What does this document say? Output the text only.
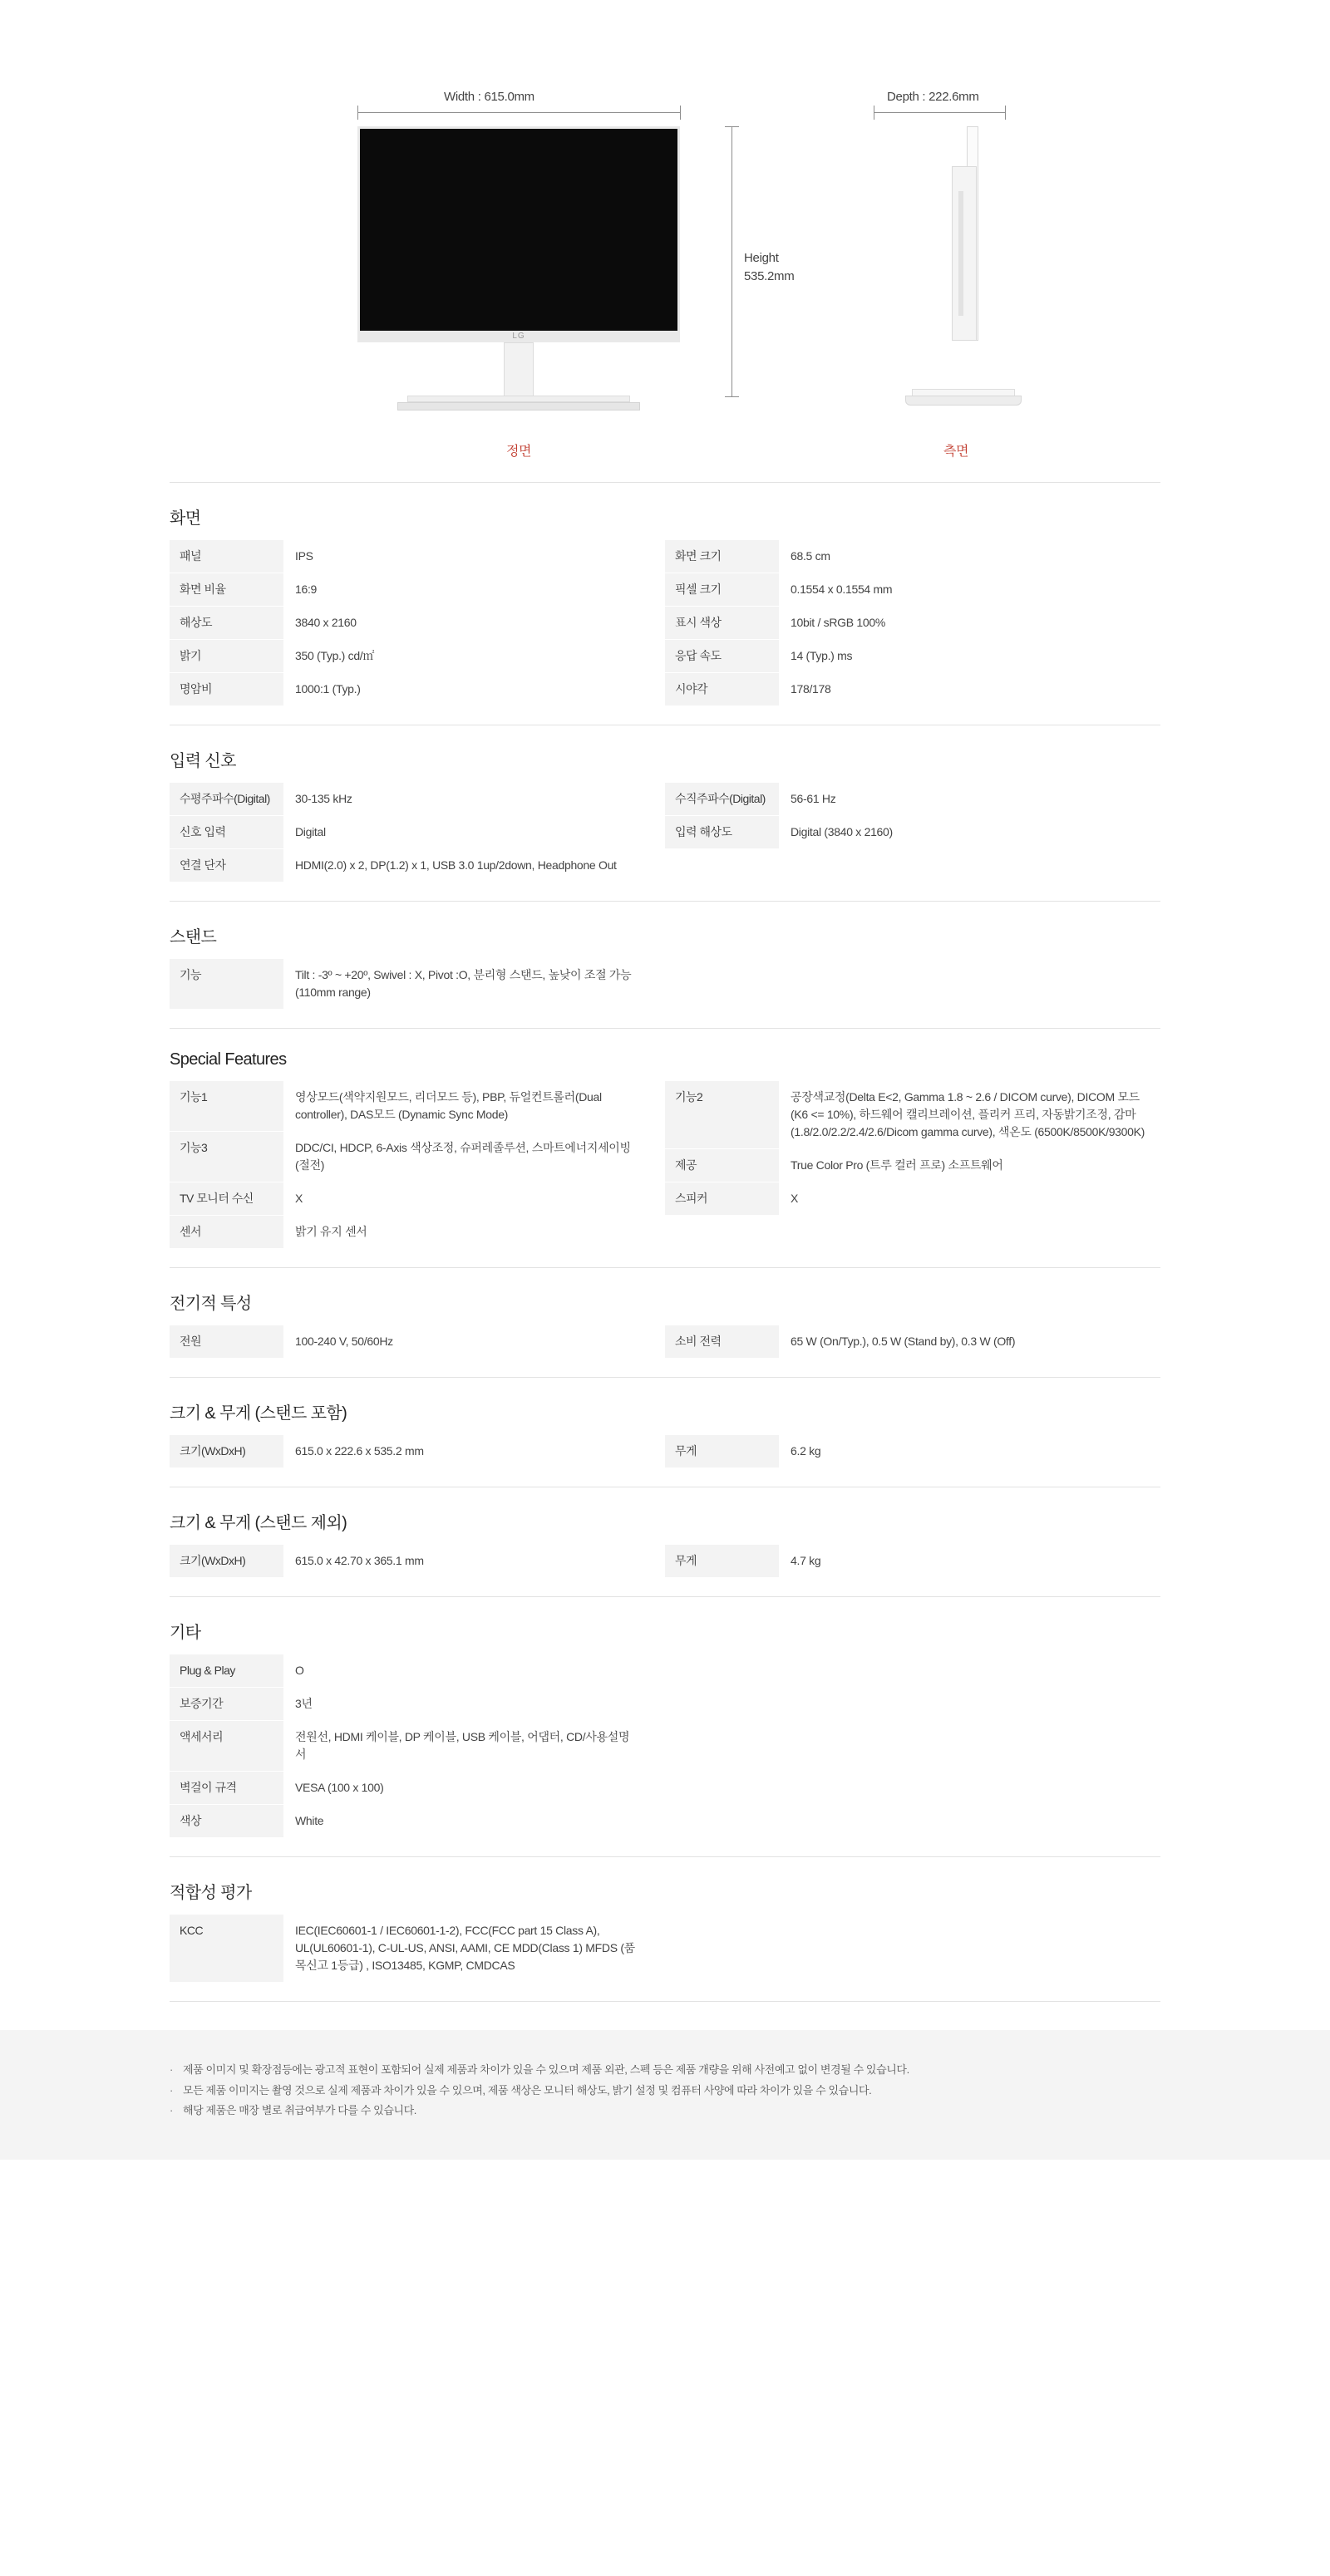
Width : 615.0mm
LG
정면
Height
535.2mm
Depth : 222.6mm
측면
화면
패널	IPS
화면 비율	16:9
해상도	3840 x 2160
밝기	350 (Typ.) cd/㎡
명암비	1000:1 (Typ.)
화면 크기	68.5 cm
픽셀 크기	0.1554 x 0.1554 mm
표시 색상	10bit / sRGB 100%
응답 속도	14 (Typ.) ms
시야각	178/178
입력 신호
수평주파수(Digital)	30-135 kHz
신호 입력	Digital
연결 단자	HDMI(2.0) x 2, DP(1.2) x 1, USB 3.0 1up/2down, Headphone Out
수직주파수(Digital)	56-61 Hz
입력 해상도	Digital (3840 x 2160)
스탠드
기능	Tilt : -3º ~ +20º, Swivel : X, Pivot :O, 분리형 스탠드, 높낮이 조절 가능(110mm range)
Special Features
기능1	영상모드(색약지원모드, 리더모드 등), PBP, 듀얼컨트롤러(Dual controller), DAS모드 (Dynamic Sync Mode)
기능3	DDC/CI, HDCP, 6-Axis 색상조정, 슈퍼레졸루션, 스마트에너지세이빙(절전)
TV 모니터 수신	X
센서	밝기 유지 센서
기능2	공장색교정(Delta E<2, Gamma 1.8 ~ 2.6 / DICOM curve), DICOM 모드(K6 <= 10%), 하드웨어 캘리브레이션, 플리커 프리, 자동밝기조정, 감마 (1.8/2.0/2.2/2.4/2.6/Dicom gamma curve), 색온도 (6500K/8500K/9300K)
제공	True Color Pro (트루 컬러 프로) 소프트웨어
스피커	X
전기적 특성
전원	100-240 V, 50/60Hz	소비 전력	65 W (On/Typ.), 0.5 W (Stand by), 0.3 W (Off)
크기 & 무게 (스탠드 포함)
크기(WxDxH)	615.0 x 222.6 x 535.2 mm	무게	6.2 kg
크기 & 무게 (스탠드 제외)
크기(WxDxH)	615.0 x 42.70 x 365.1 mm	무게	4.7 kg
기타
Plug & Play	O
보증기간	3년
액세서리	전원선, HDMI 케이블, DP 케이블, USB 케이블, 어댑터, CD/사용설명서
벽걸이 규격	VESA (100 x 100)
색상	White
적합성 평가
KCC	IEC(IEC60601-1 / IEC60601-1-2), FCC(FCC part 15 Class A), UL(UL60601-1), C-UL-US, ANSI, AAMI, CE MDD(Class 1) MFDS (품목신고 1등급) , ISO13485, KGMP, CMDCAS
· 제품 이미지 및 확장점등에는 광고적 표현이 포함되어 실제 제품과 차이가 있을 수 있으며 제품 외관, 스펙 등은 제품 개량을 위해 사전예고 없이 변경될 수 있습니다.
· 모든 제품 이미지는 촬영 것으로 실제 제품과 차이가 있을 수 있으며, 제품 색상은 모니터 해상도, 밝기 설정 및 컴퓨터 사양에 따라 차이가 있을 수 있습니다.
· 해당 제품은 매장 별로 취급여부가 다를 수 있습니다.
